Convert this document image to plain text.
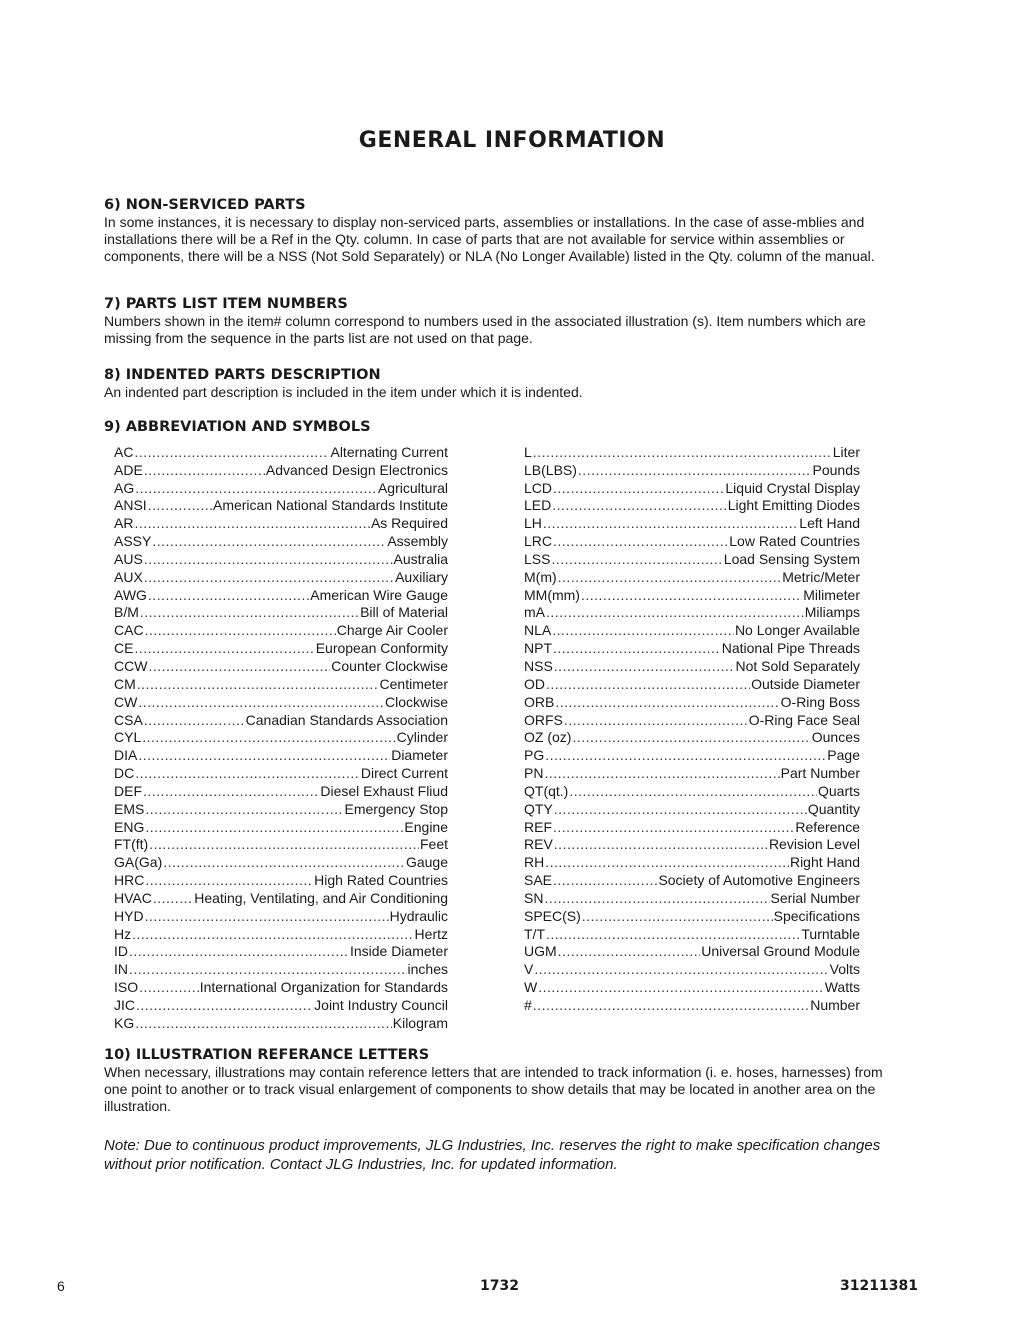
GENERAL INFORMATION

6) NON-SERVICED PARTS

In some instances, it is necessary to display non-serviced parts, assemblies or installations. In the case of asse-mblies and installations there will be a Ref in the Qty. column. In case of parts that are not available for service within assemblies or components, there will be a NSS (Not Sold Separately) or NLA (No Longer Available) listed in the Qty. column of the manual.

7) PARTS LIST ITEM NUMBERS

Numbers shown in the item# column correspond to numbers used in the associated illustration (s). Item numbers which are missing from the sequence in the parts list are not used on that page.

8) INDENTED PARTS DESCRIPTION

An indented part description is included in the item under which it is indented.

9) ABBREVIATION AND SYMBOLS

AC .....	Alternating Current
ADE .....	Advanced Design Electronics
AG .....	Agricultural
ANSI .....	American National Standards Institute
AR .....	As Required
ASSY .....	Assembly
AUS .....	Australia
AUX .....	Auxiliary
AWG .....	American Wire Gauge
B/M .....	Bill of Material
CAC .....	Charge Air Cooler
CE .....	European Conformity
CCW .....	Counter Clockwise
CM .....	Centimeter
CW .....	Clockwise
CSA .....	Canadian Standards Association
CYL .....	Cylinder
DIA .....	Diameter
DC .....	Direct Current
DEF .....	Diesel Exhaust Fliud
EMS .....	Emergency Stop
ENG .....	Engine
FT(ft) .....	Feet
GA(Ga) .....	Gauge
HRC .....	High Rated Countries
HVAC .....	Heating, Ventilating, and Air Conditioning
HYD .....	Hydraulic
Hz .....	Hertz
ID .....	Inside Diameter
IN .....	inches
ISO .....	International Organization for Standards
JIC .....	Joint Industry Council
KG .....	Kilogram
L .....	Liter
LB(LBS) .....	Pounds
LCD .....	Liquid Crystal Display
LED .....	Light Emitting Diodes
LH .....	Left Hand
LRC .....	Low Rated Countries
LSS .....	Load Sensing System
M(m) .....	Metric/Meter
MM(mm) .....	Milimeter
mA .....	Miliamps
NLA .....	No Longer Available
NPT .....	National Pipe Threads
NSS .....	Not Sold Separately
OD .....	Outside Diameter
ORB .....	O-Ring Boss
ORFS .....	O-Ring Face Seal
OZ (oz) .....	Ounces
PG .....	Page
PN .....	Part Number
QT(qt.) .....	Quarts
QTY .....	Quantity
REF .....	Reference
REV .....	Revision Level
RH .....	Right Hand
SAE .....	Society of Automotive Engineers
SN .....	Serial Number
SPEC(S) .....	Specifications
T/T .....	Turntable
UGM .....	Universal Ground Module
V .....	Volts
W .....	Watts
# .....	Number

10) ILLUSTRATION REFERANCE LETTERS

When necessary, illustrations may contain reference letters that are intended to track information (i. e. hoses, harnesses) from one point to another or to track visual enlargement of components to show details that may be located in another area on the illustration.

Note: Due to continuous product improvements, JLG Industries, Inc. reserves the right to make specification changes without prior notification. Contact JLG Industries, Inc. for updated information.

6	1732	31211381
